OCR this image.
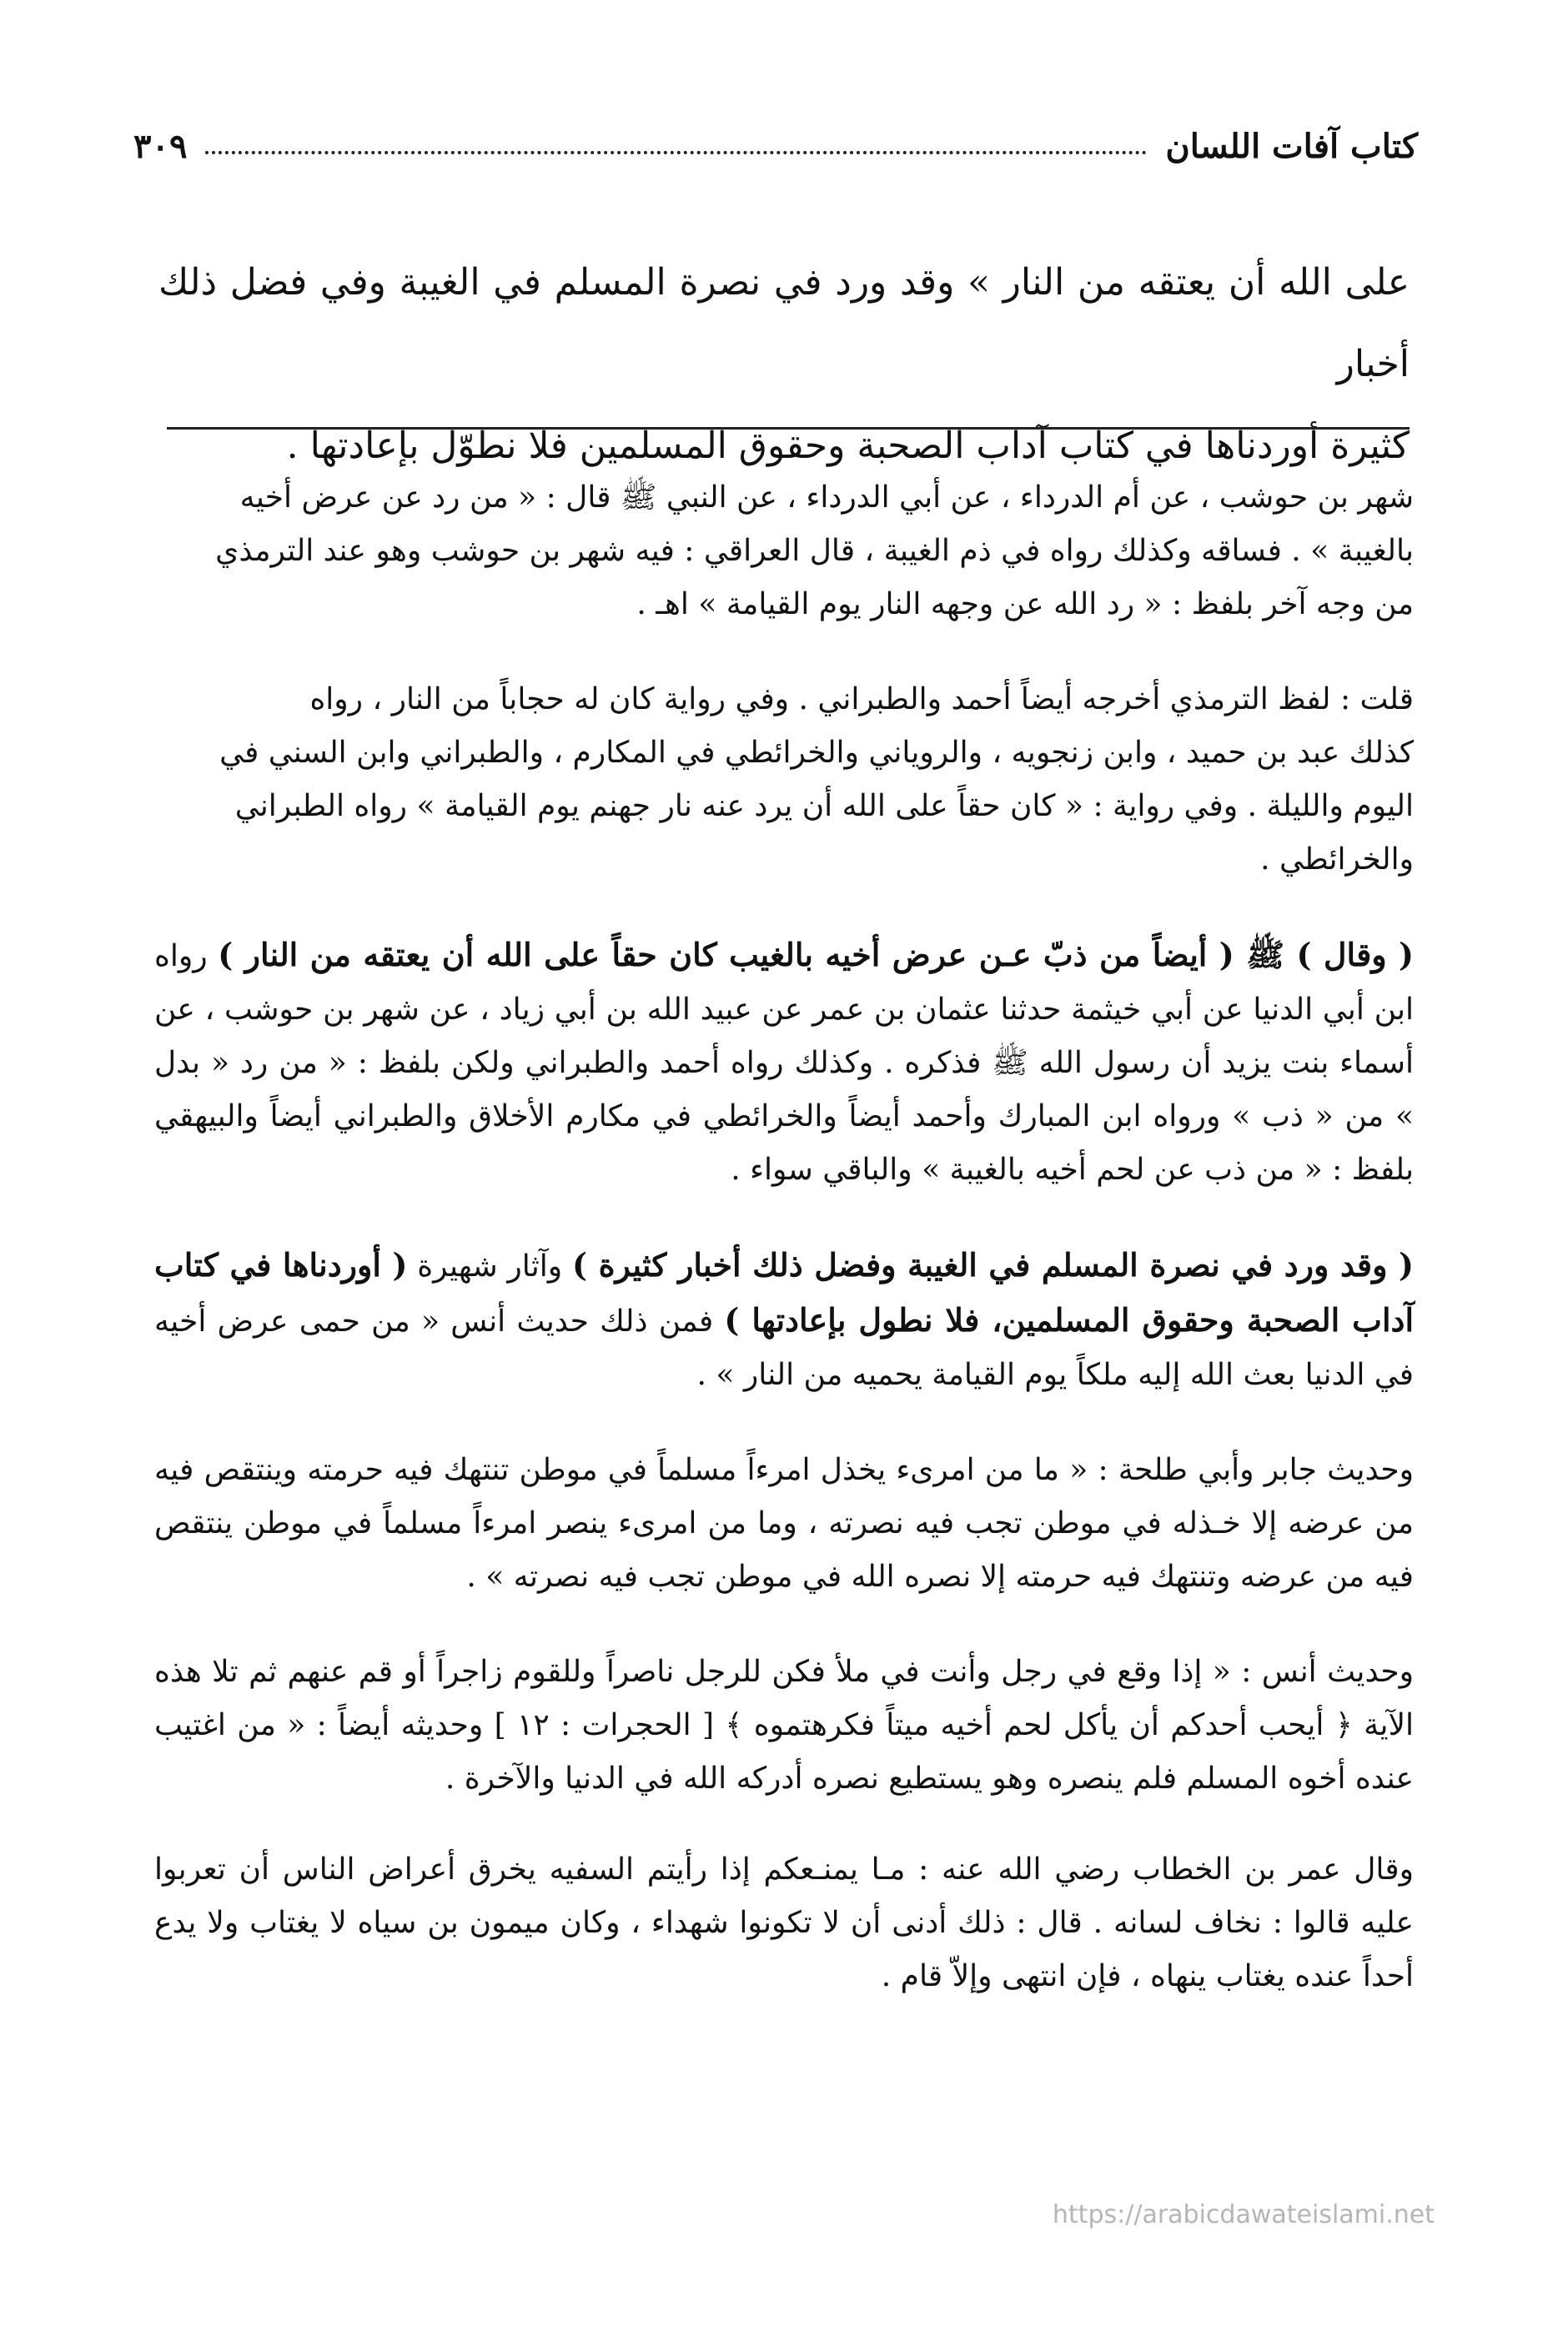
كتاب آفات اللسان
٣٠٩

على الله أن يعتقه من النار » وقد ورد في نصرة المسلم في الغيبة وفي فضل ذلك أخبار

كثيرة أوردناها في كتاب آداب الصحبة وحقوق المسلمين فلا نطوّل بإعادتها .

شهر بن حوشب ، عن أم الدرداء ، عن أبي الدرداء ، عن النبي ﷺ قال : « من رد عن عرض أخيه

بالغيبة » . فساقه وكذلك رواه في ذم الغيبة ، قال العراقي : فيه شهر بن حوشب وهو عند الترمذي

من وجه آخر بلفظ : « رد الله عن وجهه النار يوم القيامة » اهـ .

قلت : لفظ الترمذي أخرجه أيضاً أحمد والطبراني . وفي رواية كان له حجاباً من النار ، رواه

كذلك عبد بن حميد ، وابن زنجويه ، والروياني والخرائطي في المكارم ، والطبراني وابن السني في

اليوم والليلة . وفي رواية : « كان حقاً على الله أن يرد عنه نار جهنم يوم القيامة » رواه الطبراني

والخرائطي .

( وقال ) ﷺ ( أيضاً من ذبّ عـن عرض أخيه بالغيب كان حقاً على الله أن يعتقه من النار ) رواه ابن أبي الدنيا عن أبي خيثمة حدثنا عثمان بن عمر عن عبيد الله بن أبي زياد ، عن شهر بن حوشب ، عن أسماء بنت يزيد أن رسول الله ﷺ فذكره . وكذلك رواه أحمد والطبراني ولكن بلفظ : « من رد « بدل » من « ذب » ورواه ابن المبارك وأحمد أيضاً والخرائطي في مكارم الأخلاق والطبراني أيضاً والبيهقي بلفظ : « من ذب عن لحم أخيه بالغيبة » والباقي سواء .

( وقد ورد في نصرة المسلم في الغيبة وفضل ذلك أخبار كثيرة ) وآثار شهيرة ( أوردناها في كتاب آداب الصحبة وحقوق المسلمين، فلا نطول بإعادتها ) فمن ذلك حديث أنس « من حمى عرض أخيه في الدنيا بعث الله إليه ملكاً يوم القيامة يحميه من النار » .

وحديث جابر وأبي طلحة : « ما من امرىء يخذل امرءاً مسلماً في موطن تنتهك فيه حرمته وينتقص فيه من عرضه إلا خـذله في موطن تجب فيه نصرته ، وما من امرىء ينصر امرءاً مسلماً في موطن ينتقص فيه من عرضه وتنتهك فيه حرمته إلا نصره الله في موطن تجب فيه نصرته » .

وحديث أنس : « إذا وقع في رجل وأنت في ملأ فكن للرجل ناصراً وللقوم زاجراً أو قم عنهم ثم تلا هذه الآية ﴿ أيحب أحدكم أن يأكل لحم أخيه ميتاً فكرهتموه ﴾ [ الحجرات : ١٢ ] وحديثه أيضاً : « من اغتيب عنده أخوه المسلم فلم ينصره وهو يستطيع نصره أدركه الله في الدنيا والآخرة .

وقال عمر بن الخطاب رضي الله عنه : مـا يمنـعكم إذا رأيتم السفيه يخرق أعراض الناس أن تعربوا عليه قالوا : نخاف لسانه . قال : ذلك أدنى أن لا تكونوا شهداء ، وكان ميمون بن سياه لا يغتاب ولا يدع أحداً عنده يغتاب ينهاه ، فإن انتهى وإلاّ قام .

https://arabicdawateislami.net
